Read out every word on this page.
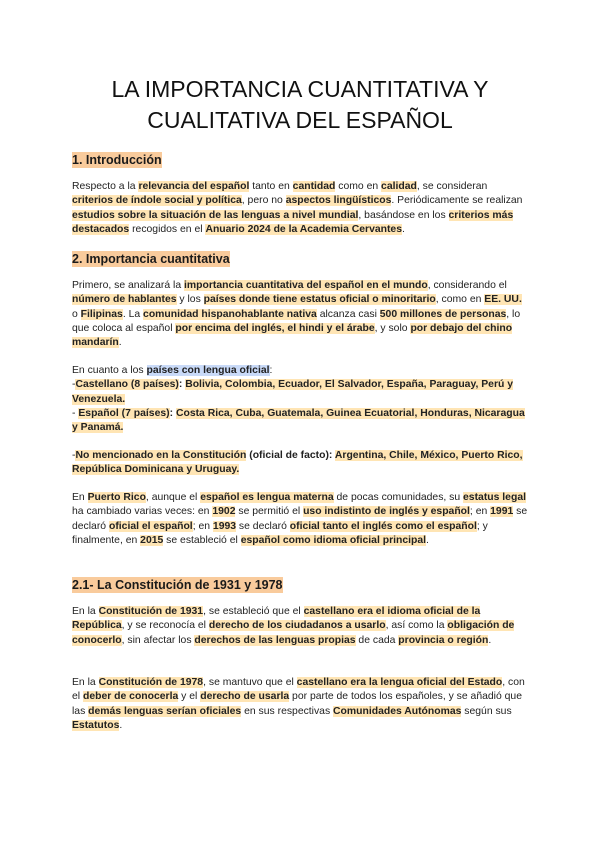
LA IMPORTANCIA CUANTITATIVA Y CUALITATIVA DEL ESPAÑOL
1. Introducción

Respecto a la relevancia del español tanto en cantidad como en calidad, se consideran criterios de índole social y política, pero no aspectos lingüísticos. Periódicamente se realizan estudios sobre la situación de las lenguas a nivel mundial, basándose en los criterios más destacados recogidos en el Anuario 2024 de la Academia Cervantes.

2. Importancia cuantitativa

Primero, se analizará la importancia cuantitativa del español en el mundo, considerando el número de hablantes y los países donde tiene estatus oficial o minoritario, como en EE. UU. o Filipinas. La comunidad hispanohablante nativa alcanza casi 500 millones de personas, lo que coloca al español por encima del inglés, el hindi y el árabe, y solo por debajo del chino mandarín.

En cuanto a los países con lengua oficial:
-Castellano (8 países): Bolivia, Colombia, Ecuador, El Salvador, España, Paraguay, Perú y Venezuela.
- Español (7 países): Costa Rica, Cuba, Guatemala, Guinea Ecuatorial, Honduras, Nicaragua y Panamá.

-No mencionado en la Constitución (oficial de facto): Argentina, Chile, México, Puerto Rico, República Dominicana y Uruguay.

En Puerto Rico, aunque el español es lengua materna de pocas comunidades, su estatus legal ha cambiado varias veces: en 1902 se permitió el uso indistinto de inglés y español; en 1991 se declaró oficial el español; en 1993 se declaró oficial tanto el inglés como el español; y finalmente, en 2015 se estableció el español como idioma oficial principal.

2.1- La Constitución de 1931 y 1978

En la Constitución de 1931, se estableció que el castellano era el idioma oficial de la República, y se reconocía el derecho de los ciudadanos a usarlo, así como la obligación de conocerlo, sin afectar los derechos de las lenguas propias de cada provincia o región.

En la Constitución de 1978, se mantuvo que el castellano era la lengua oficial del Estado, con el deber de conocerla y el derecho de usarla por parte de todos los españoles, y se añadió que las demás lenguas serían oficiales en sus respectivas Comunidades Autónomas según sus Estatutos.
